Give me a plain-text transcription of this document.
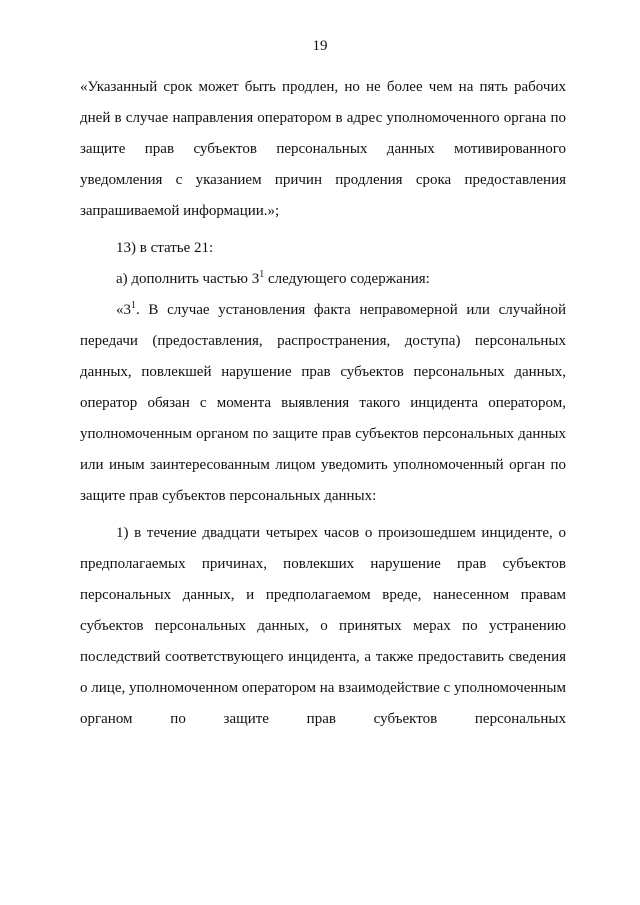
19

«Указанный срок может быть продлен, но не более чем на пять рабочих дней в случае направления оператором в адрес уполномоченного органа по защите прав субъектов персональных данных мотивированного уведомления с указанием причин продления срока предоставления запрашиваемой информации.»;

13) в статье 21:

а) дополнить частью $3^1$ следующего содержания:

«$3^1$. В случае установления факта неправомерной или случайной передачи (предоставления, распространения, доступа) персональных данных, повлекшей нарушение прав субъектов персональных данных, оператор обязан с момента выявления такого инцидента оператором, уполномоченным органом по защите прав субъектов персональных данных или иным заинтересованным лицом уведомить уполномоченный орган по защите прав субъектов персональных данных:

1) в течение двадцати четырех часов о произошедшем инциденте, о предполагаемых причинах, повлекших нарушение прав субъектов персональных данных, и предполагаемом вреде, нанесенном правам субъектов персональных данных, о принятых мерах по устранению последствий соответствующего инцидента, а также предоставить сведения о лице, уполномоченном оператором на взаимодействие с уполномоченным органом по защите прав субъектов персональных
